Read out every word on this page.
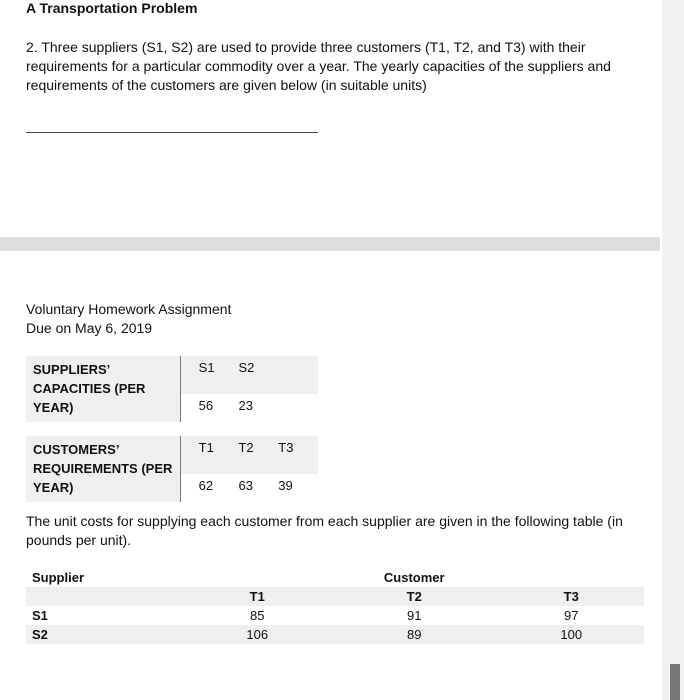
A Transportation Problem
2. Three suppliers (S1, S2) are used to provide three customers (T1, T2, and T3) with their requirements for a particular commodity over a year. The yearly capacities of the suppliers and requirements of the customers are given below (in suitable units)
Voluntary Homework Assignment
Due on May 6, 2019
SUPPLIERS’
CAPACITIES (PER
YEAR)	S1	S2	
	56	23	

CUSTOMERS’
REQUIREMENTS (PER
YEAR)	T1	T2	T3
	62	63	39
The unit costs for supplying each customer from each supplier are given in the following table (in pounds per unit).
Supplier		Customer	
	T1	T2	T3
S1	85	91	97
S2	106	89	100
